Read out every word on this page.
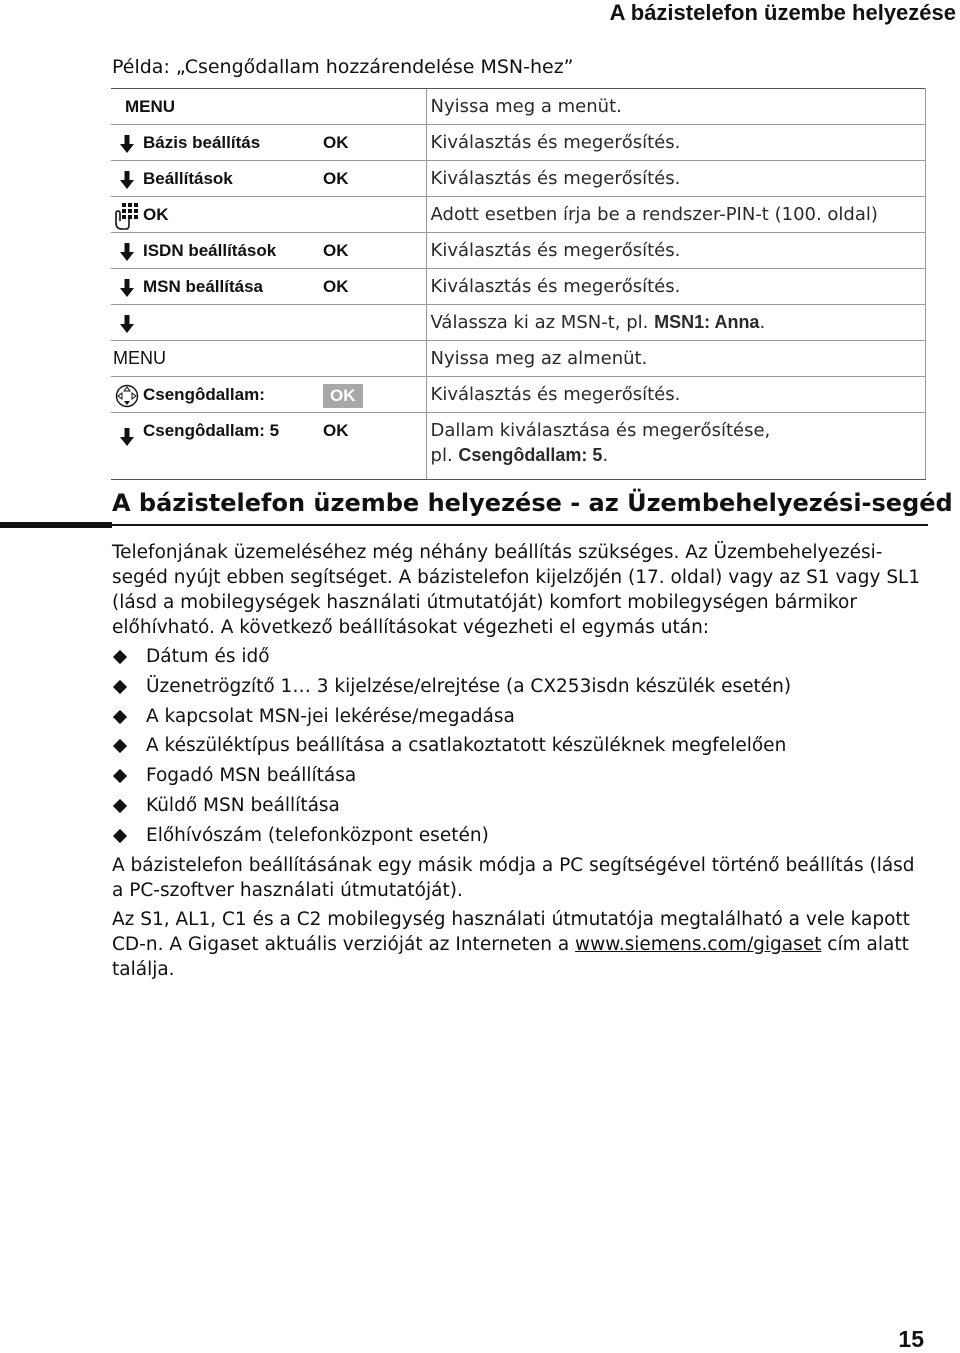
A bázistelefon üzembe helyezése
Példa: „Csengődallam hozzárendelése MSN-hez”
MENU			Nyissa meg a menüt.
	Bázis beállítás	OK	Kiválasztás és megerősítés.
	Beállítások	OK	Kiválasztás és megerősítés.
	OK		Adott esetben írja be a rendszer-PIN-t (100. oldal)
	ISDN beállítások	OK	Kiválasztás és megerősítés.
	MSN beállítása	OK	Kiválasztás és megerősítés.
			Válassza ki az MSN-t, pl. MSN1: Anna.
MENU			Nyissa meg az almenüt.
	Csengôdallam:	OK	Kiválasztás és megerősítés.
	Csengôdallam: 5	OK	Dallam kiválasztása és megerősítése,
pl. Csengôdallam: 5.
A bázistelefon üzembe helyezése - az Üzembehelyezési-segéd
Telefonjának üzemeléséhez még néhány beállítás szükséges. Az Üzembehelyezési-segéd nyújt ebben segítséget. A bázistelefon kijelzőjén (17. oldal) vagy az S1 vagy SL1 (lásd a mobilegységek használati útmutatóját) komfort mobilegységen bármikor előhívható. A következő beállításokat végezheti el egymás után:
Dátum és idő
Üzenetrögzítő 1… 3 kijelzése/elrejtése (a CX253isdn készülék esetén)
A kapcsolat MSN-jei lekérése/megadása
A készüléktípus beállítása a csatlakoztatott készüléknek megfelelően
Fogadó MSN beállítása
Küldő MSN beállítása
Előhívószám (telefonközpont esetén)
A bázistelefon beállításának egy másik módja a PC segítségével történő beállítás (lásd a PC-szoftver használati útmutatóját).
Az S1, AL1, C1 és a C2 mobilegység használati útmutatója megtalálható a vele kapott CD-n. A Gigaset aktuális verzióját az Interneten a www.siemens.com/gigaset cím alatt találja.
15
